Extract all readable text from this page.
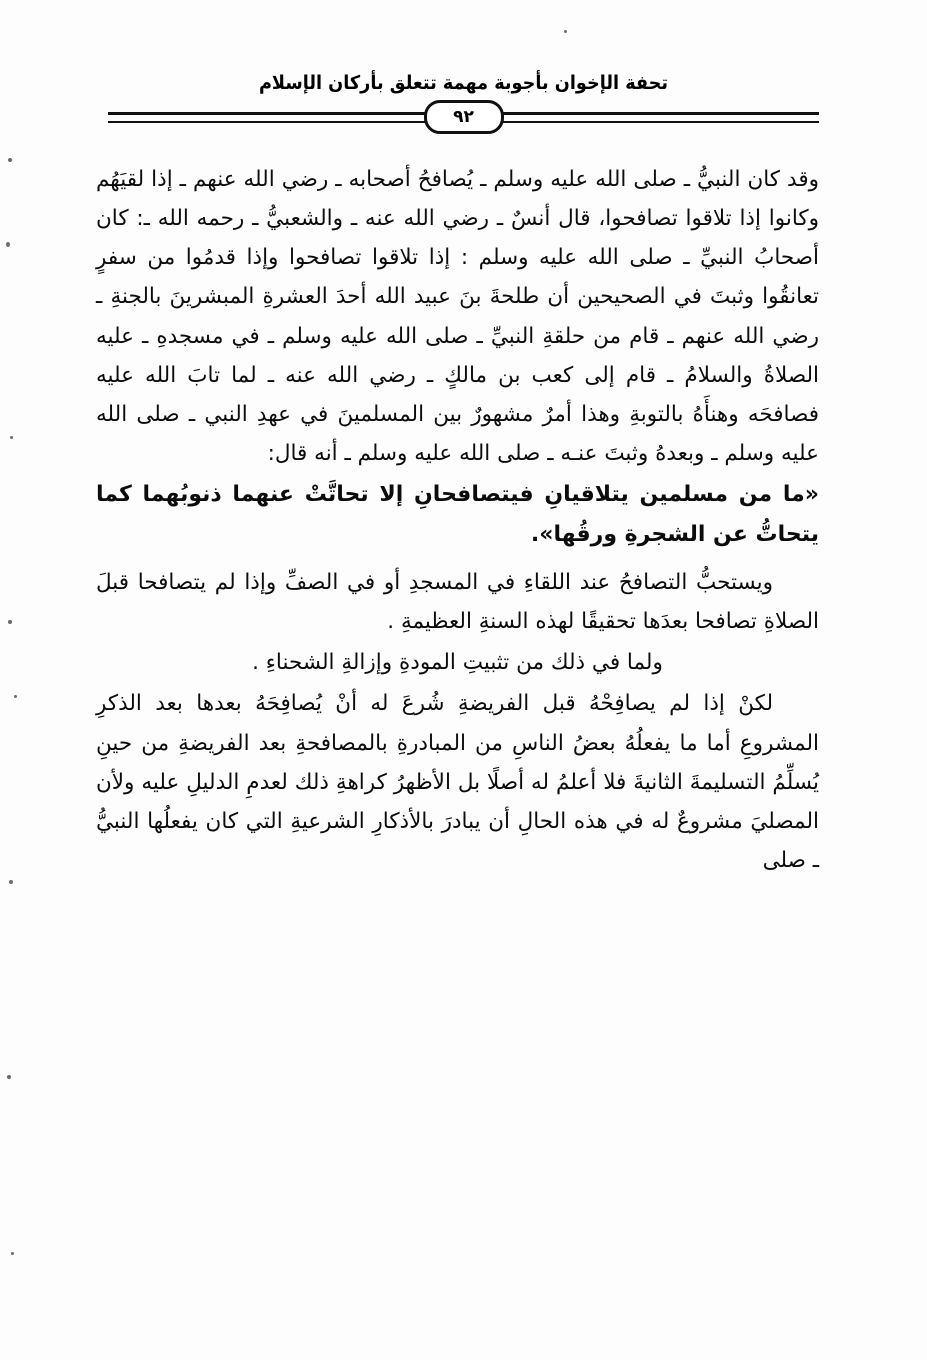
تحفة الإخوان بأجوبة مهمة تتعلق بأركان الإسلام
٩٢

وقد كان النبيُّ ـ صلى الله عليه وسلم ـ يُصافحُ أصحابه ـ رضي الله عنهم ـ إذا لقيَهُم وكانوا إذا تلاقوا تصافحوا، قال أنسٌ ـ رضي الله عنه ـ والشعبيُّ ـ رحمه الله ـ: كان أصحابُ النبيِّ ـ صلى الله عليه وسلم : إذا تلاقوا تصافحوا وإذا قدمُوا من سفرٍ تعانقُوا وثبتَ في الصحيحين أن طلحةَ بنَ عبيد الله أحدَ العشرةِ المبشرينَ بالجنةِ ـ رضي الله عنهم ـ قام من حلقةِ النبيِّ ـ صلى الله عليه وسلم ـ في مسجدهِ ـ عليه الصلاةُ والسلامُ ـ قام إلى كعب بن مالكٍ ـ رضي الله عنه ـ لما تابَ الله عليه فصافحَه وهنأَهُ بالتوبةِ وهذا أمرٌ مشهورٌ بين المسلمينَ في عهدِ النبي ـ صلى الله عليه وسلم ـ وبعدهُ وثبتَ عنـه ـ صلى الله عليه وسلم ـ أنه قال:

«ما من مسلمين يتلاقيانِ فيتصافحانِ إلا تحاتَّتْ عنهما ذنوبُهما كما يتحاتُّ عن الشجرةِ ورقُها».

ويستحبُّ التصافحُ عند اللقاءِ في المسجدِ أو في الصفِّ وإذا لم يتصافحا قبلَ الصلاةِ تصافحا بعدَها تحقيقًا لهذه السنةِ العظيمةِ .

ولما في ذلك من تثبيتِ المودةِ وإزالةِ الشحناءِ .

لكنْ إذا لم يصافِحْهُ قبل الفريضةِ شُرعَ له أنْ يُصافِحَهُ بعدها بعد الذكرِ المشروعِ أما ما يفعلُهُ بعضُ الناسِ من المبادرةِ بالمصافحةِ بعد الفريضةِ من حينِ يُسلِّمُ التسليمةَ الثانيةَ فلا أعلمُ له أصلًا بل الأظهرُ كراهةِ ذلك لعدمِ الدليلِ عليه ولأن المصليَ مشروعٌ له في هذه الحالِ أن يبادرَ بالأذكارِ الشرعيةِ التي كان يفعلُها النبيُّ ـ صلى
